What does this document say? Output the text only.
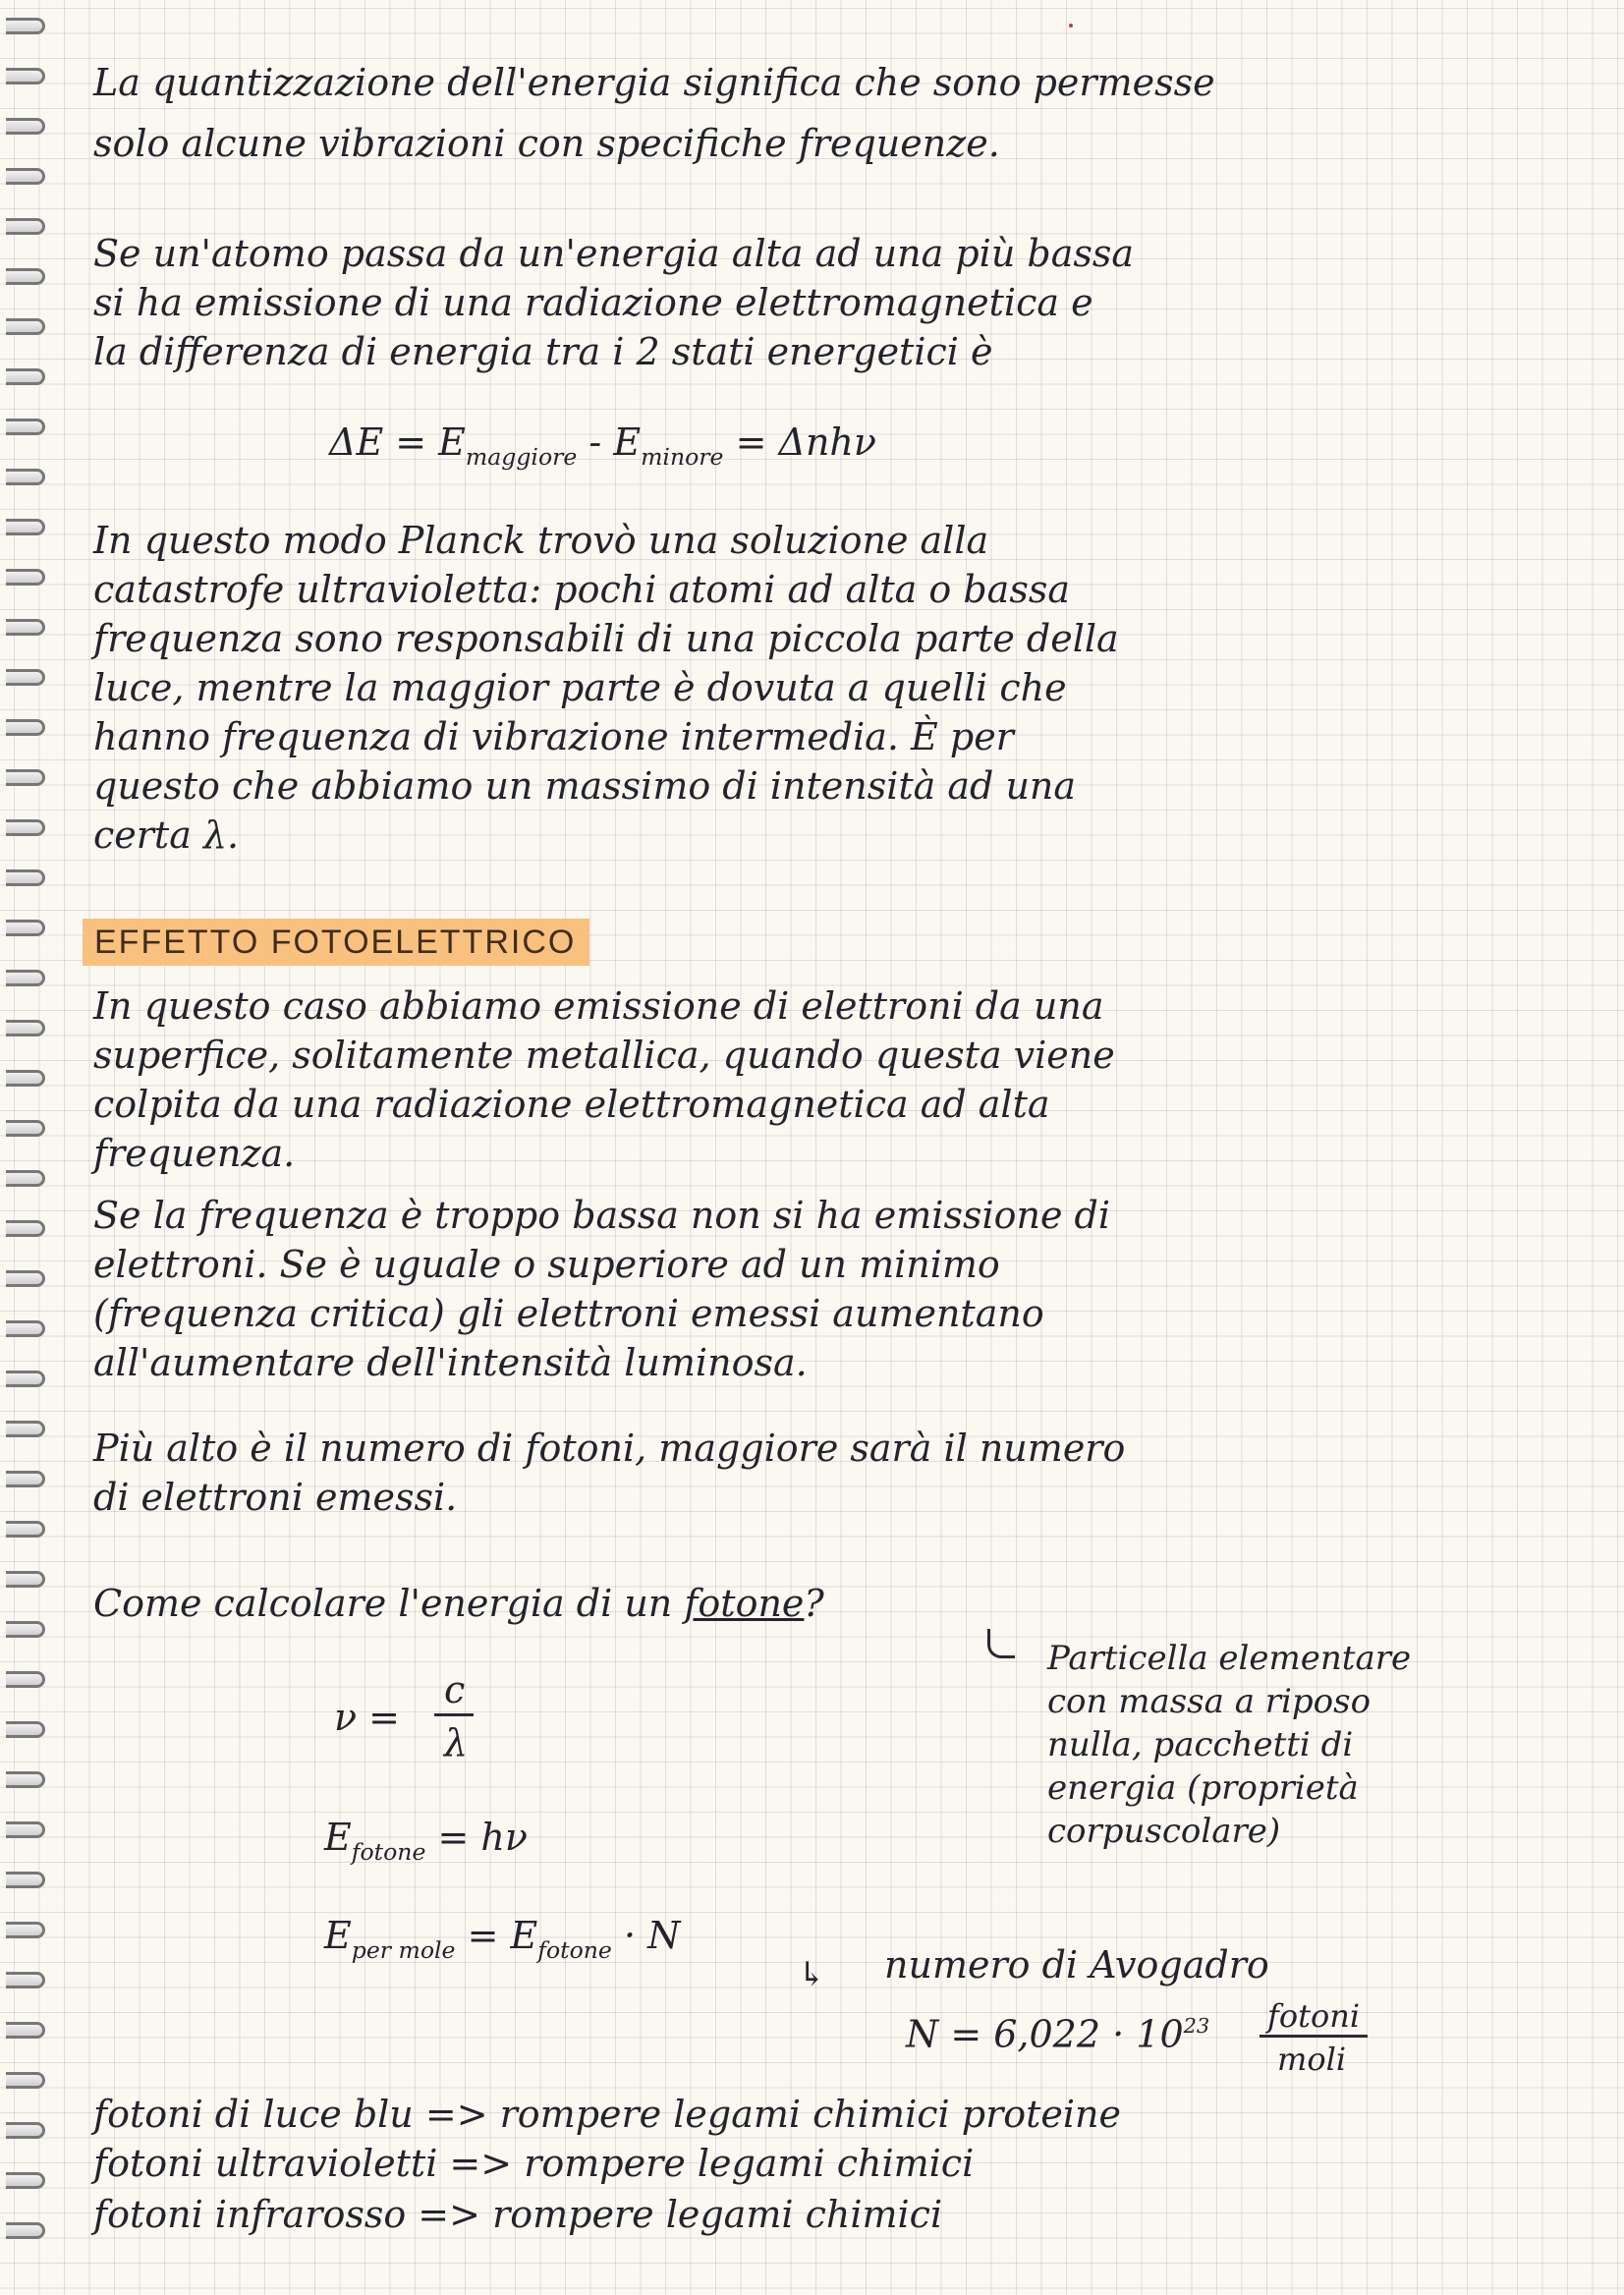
La quantizzazione dell'energia significa che sono permesse
solo alcune vibrazioni con specifiche frequenze.
Se un'atomo passa da un'energia alta ad una più bassa
si ha emissione di una radiazione elettromagnetica e
la differenza di energia tra i 2 stati energetici è
$\Delta E = E_{maggiore} - E_{minore} = \Delta nh\nu$
In questo modo Planck trovò una soluzione alla
catastrofe ultravioletta: pochi atomi ad alta o bassa
frequenza sono responsabili di una piccola parte della
luce, mentre la maggior parte è dovuta a quelli che
hanno frequenza di vibrazione intermedia. È per
questo che abbiamo un massimo di intensità ad una
certa λ.
EFFETTO FOTOELETTRICO
In questo caso abbiamo emissione di elettroni da una
superfice, solitamente metallica, quando questa viene
colpita da una radiazione elettromagnetica ad alta
frequenza.
Se la frequenza è troppo bassa non si ha emissione di
elettroni. Se è uguale o superiore ad un minimo
(frequenza critica) gli elettroni emessi aumentano
all'aumentare dell'intensità luminosa.
Più alto è il numero di fotoni, maggiore sarà il numero
di elettroni emessi.
Come calcolare l'energia di un fotone?
Particella elementare
con massa a riposo
nulla, pacchetti di
energia (proprietà
corpuscolare)
ν =
c
λ
$E_{fotone} = h\nu$
$E_{per mole} = E_{fotone} \cdot N$
↳ numero di Avogadro
$N = 6,022 \cdot 10^{23}$ fotoni
moli
fotoni di luce blu => rompere legami chimici proteine
fotoni ultravioletti => rompere legami chimici
fotoni infrarosso => rompere legami chimici
